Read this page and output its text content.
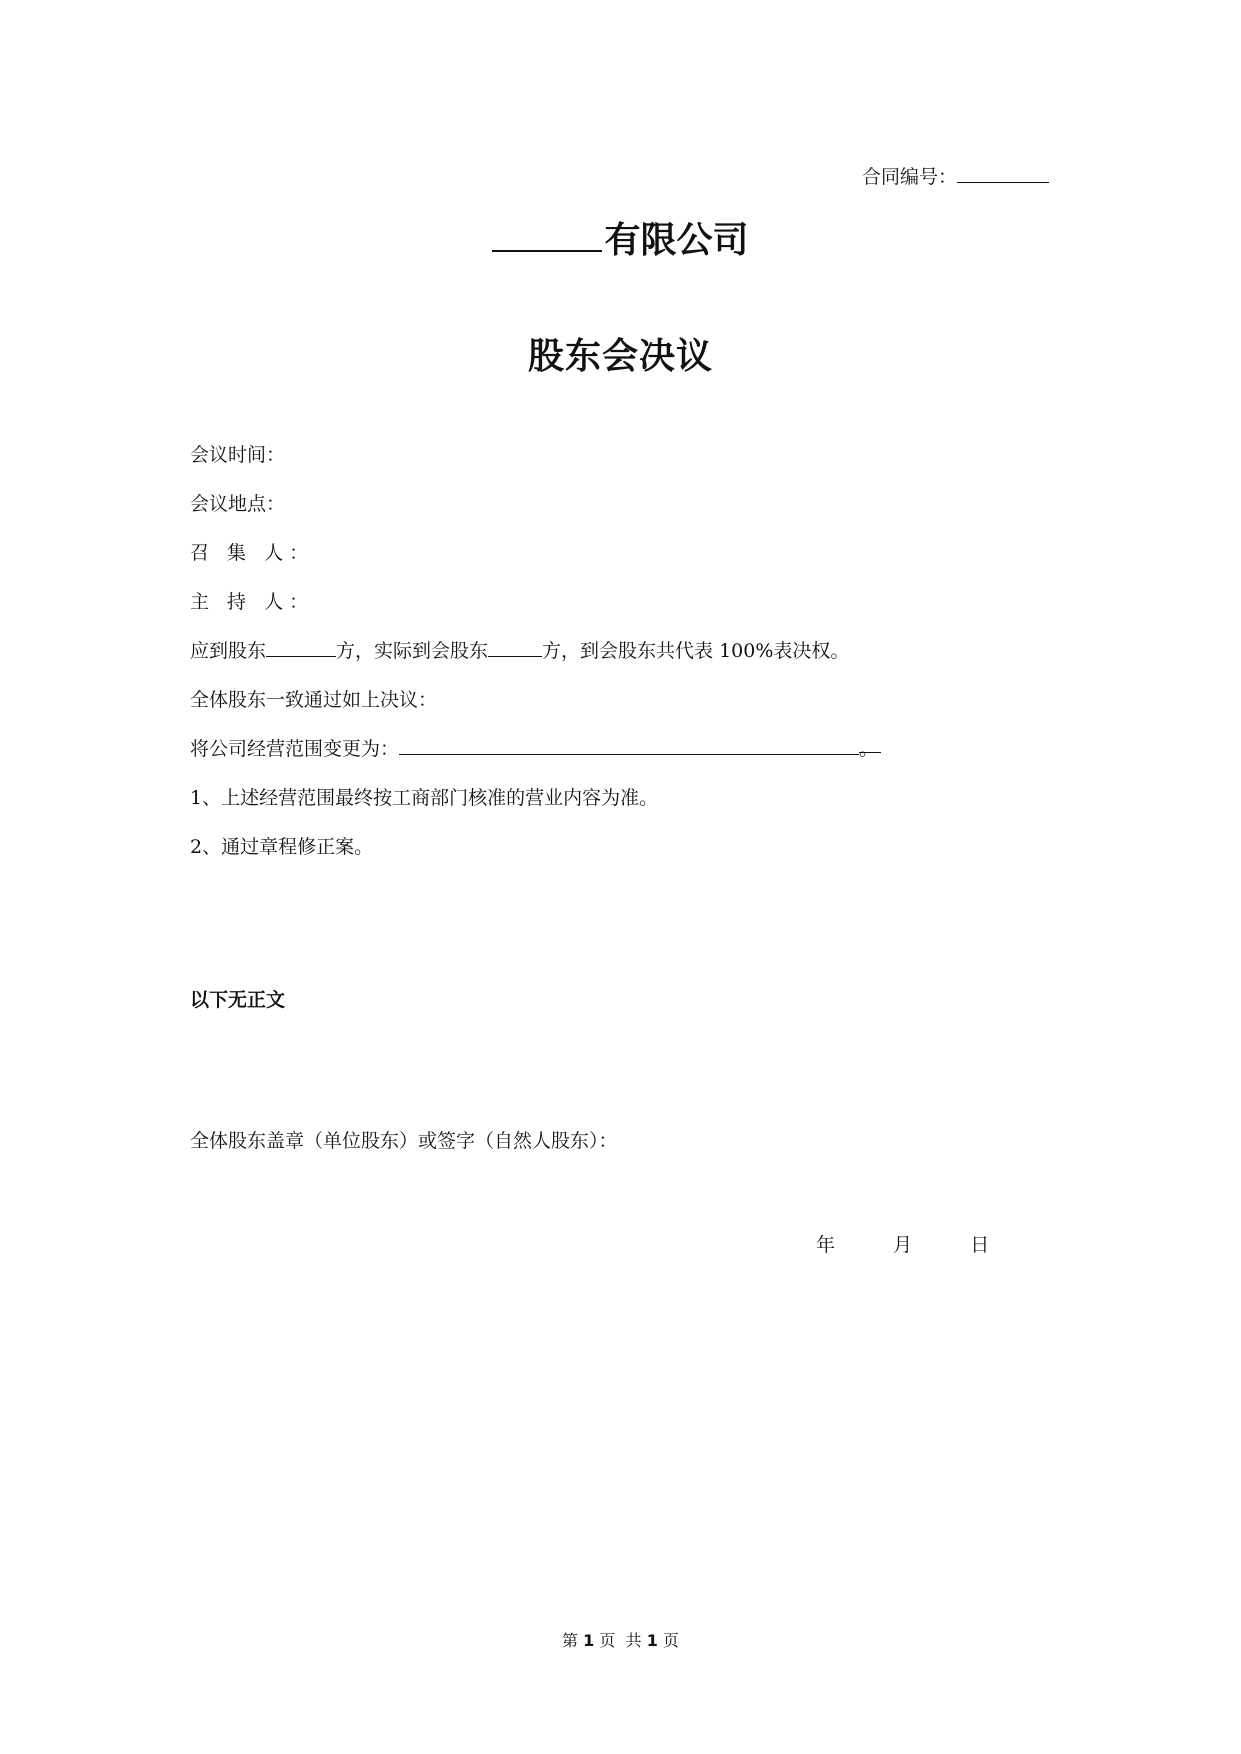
合同编号：
有限公司
股东会决议
会议时间：
会议地点：
召 集 人：
主 持 人：
应到股东	方，实际到会股东	方，到会股东共代表 100%表决权。
全体股东一致通过如上决议：
将公司经营范围变更为：	。
1、上述经营范围最终按工商部门核准的营业内容为准。
2、通过章程修正案。
以下无正文
全体股东盖章（单位股东）或签字（自然人股东）：
年	月	日
第 1 页 共 1 页
